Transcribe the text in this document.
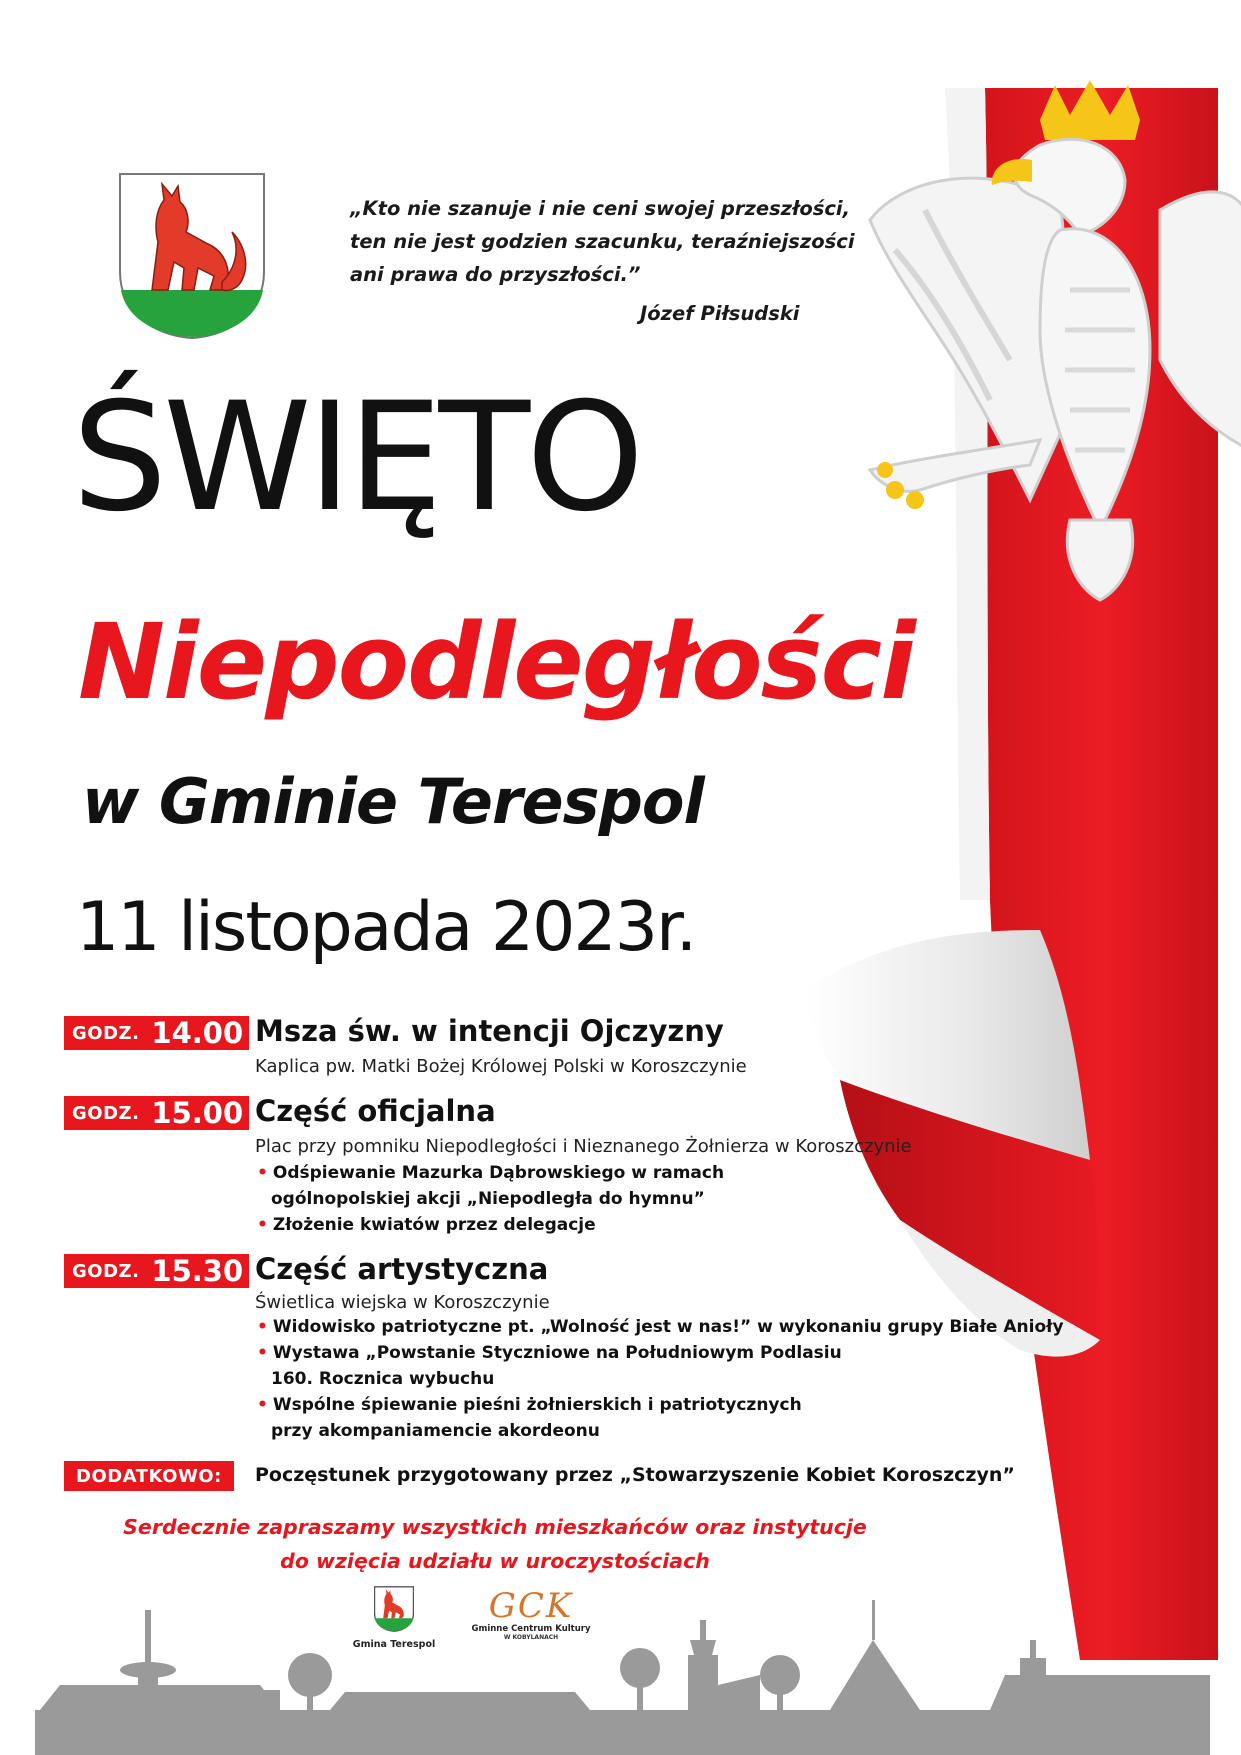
„Kto nie szanuje i nie ceni swojej przeszłości,
ten nie jest godzien szacunku, teraźniejszości
ani prawa do przyszłości.”
Józef Piłsudski
ŚWIĘTO
Niepodległości
w Gminie Terespol
11 listopada 2023r.
GODZ. 14.00 Msza św. w intencji Ojczyzny
Kaplica pw. Matki Bożej Królowej Polski w Koroszczynie
GODZ. 15.00 Część oficjalna
Plac przy pomniku Niepodległości i Nieznanego Żołnierza w Koroszczynie
• Odśpiewanie Mazurka Dąbrowskiego w ramach
ogólnopolskiej akcji „Niepodległa do hymnu”
• Złożenie kwiatów przez delegacje
GODZ. 15.30 Część artystyczna
Świetlica wiejska w Koroszczynie
• Widowisko patriotyczne pt. „Wolność jest w nas!” w wykonaniu grupy Białe Anioły
• Wystawa „Powstanie Styczniowe na Południowym Podlasiu
160. Rocznica wybuchu
• Wspólne śpiewanie pieśni żołnierskich i patriotycznych
przy akompaniamencie akordeonu
DODATKOWO:	Poczęstunek przygotowany przez „Stowarzyszenie Kobiet Koroszczyn”
Serdecznie zapraszamy wszystkich mieszkańców oraz instytucje
do wzięcia udziału w uroczystościach
Gmina Terespol
GCK
Gminne Centrum Kultury
W KOBYLANACH
